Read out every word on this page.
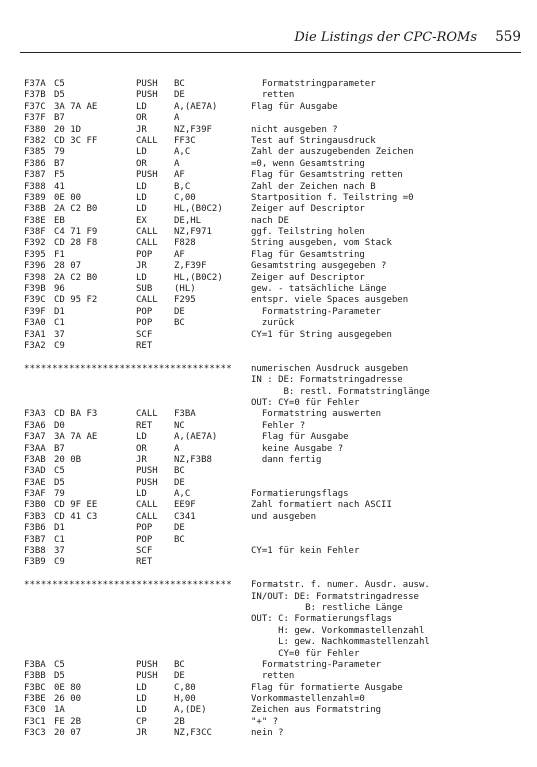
Die Listings der CPC-ROMs 559
F37A C5	PUSH BC	Formatstringparameter
F37B D5	PUSH DE	retten
F37C 3A 7A AE	LD	A,(AE7A)	Flag für Ausgabe
F37F B7	OR	A
F380 20 1D	JR	NZ,F39F	nicht ausgeben ?
F382 CD 3C FF	CALL FF3C	Test auf Stringausdruck
F385 79	LD	A,C	Zahl der auszugebenden Zeichen
F386 B7	OR	A	=0, wenn Gesamtstring
F387 F5	PUSH AF	Flag für Gesamtstring retten
F388 41	LD	B,C	Zahl der Zeichen nach B
F389 0E 00	LD	C,00	Startposition f. Teilstring =0
F38B 2A C2 B0	LD	HL,(B0C2)	Zeiger auf Descriptor
F38E EB	EX	DE,HL	nach DE
F38F C4 71 F9	CALL NZ,F971	ggf. Teilstring holen
F392 CD 28 F8	CALL F828	String ausgeben, vom Stack
F395 F1	POP AF	Flag für Gesamtstring
F396 28 07	JR	Z,F39F	Gesamtstring ausgegeben ?
F398 2A C2 B0	LD	HL,(B0C2)	Zeiger auf Descriptor
F39B 96	SUB (HL)	gew. - tatsächliche Länge
F39C CD 95 F2	CALL F295	entspr. viele Spaces ausgeben
F39F D1	POP DE	Formatstring-Parameter
F3A0 C1	POP BC	zurück
F3A1 37	SCF	CY=1 für String ausgegeben
F3A2 C9	RET
************************************* numerischen Ausdruck ausgeben
IN : DE: Formatstringadresse
B: restl. Formatstringlänge
OUT: CY=0 für Fehler
F3A3 CD BA F3	CALL F3BA	Formatstring auswerten
F3A6 D0	RET NC	Fehler ?
F3A7 3A 7A AE	LD	A,(AE7A)	Flag für Ausgabe
F3AA B7	OR	A	keine Ausgabe ?
F3AB 20 0B	JR	NZ,F3B8	dann fertig
F3AD C5	PUSH BC
F3AE D5	PUSH DE
F3AF 79	LD	A,C	Formatierungsflags
F3B0 CD 9F EE	CALL EE9F	Zahl formatiert nach ASCII
F3B3 CD 41 C3	CALL C341	und ausgeben
F3B6 D1	POP DE
F3B7 C1	POP BC
F3B8 37	SCF	CY=1 für kein Fehler
F3B9 C9	RET
************************************* Formatstr. f. numer. Ausdr. ausw.
IN/OUT: DE: Formatstringadresse
B: restliche Länge
OUT: C: Formatierungsflags
H: gew. Vorkommastellenzahl
L: gew. Nachkommastellenzahl
CY=0 für Fehler
F3BA C5	PUSH BC	Formatstring-Parameter
F3BB D5	PUSH DE	retten
F3BC 0E 80	LD	C,80	Flag für formatierte Ausgabe
F3BE 26 00	LD	H,00	Vorkommastellenzahl=0
F3C0 1A	LD	A,(DE)	Zeichen aus Formatstring
F3C1 FE 2B	CP	2B	"+" ?
F3C3 20 07	JR	NZ,F3CC	nein ?
